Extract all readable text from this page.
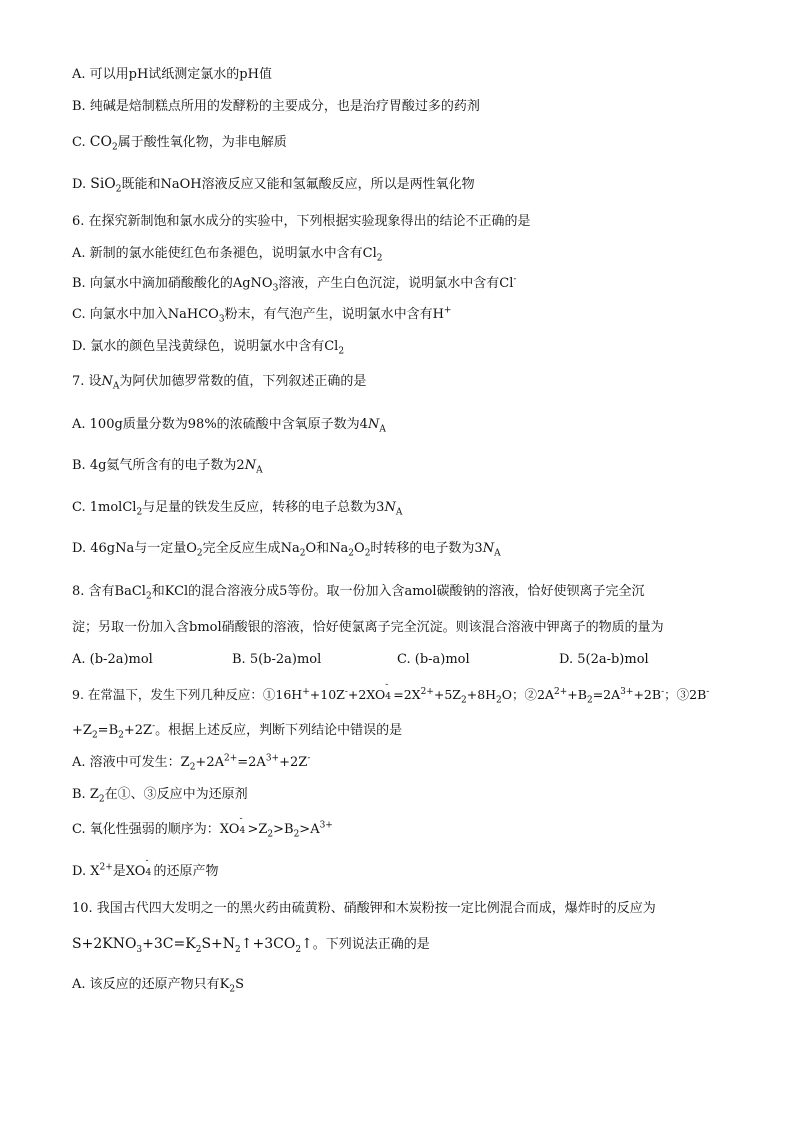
A. 可以用pH试纸测定氯水的pH值
B. 纯碱是焙制糕点所用的发酵粉的主要成分，也是治疗胃酸过多的药剂
C. $CO_2$属于酸性氧化物，为非电解质
D. SiO$_2$既能和NaOH溶液反应又能和氢氟酸反应，所以是两性氧化物
6. 在探究新制饱和氯水成分的实验中，下列根据实验现象得出的结论不正确的是
A. 新制的氯水能使红色布条褪色，说明氯水中含有$Cl_2$
B. 向氯水中滴加硝酸酸化的AgNO$_3$溶液，产生白色沉淀，说明氯水中含有Cl-
C. 向氯水中加入NaHCO$_3$粉末，有气泡产生，说明氯水中含有H+
D. 氯水的颜色呈浅黄绿色，说明氯水中含有$Cl_2$
7. 设$N_A$为阿伏加德罗常数的值，下列叙述正确的是
A. 100g质量分数为98%的浓硫酸中含氧原子数为$4N_A$
B. 4g氦气所含有的电子数为$2N_A$
C. 1molCl$_2$与足量的铁发生反应，转移的电子总数为$3N_A$
D. 46gNa与一定量$O_2$完全反应生成$Na_2O$和$Na_2O_2$时转移的电子数为$3N_A$
8. 含有BaCl$_2$和KCl的混合溶液分成5等份。取一份加入含amol碳酸钠的溶液，恰好使钡离子完全沉
淀；另取一份加入含bmol硝酸银的溶液，恰好使氯离子完全沉淀。则该混合溶液中钾离子的物质的量为
A. (b-2a)mol	B. 5(b-2a)mol	C. (b-a)mol	D. 5(2a-b)mol
9. 在常温下，发生下列几种反应：①16H++10Z-+2XO
-
$4 =2X^{2+}+5Z_2+8H_2O$；$②2A^{2+}+B_2=2A^{3+}+2B^-$；③2B-
$+Z_2=B_2+2Z^-$。根据上述反应，判断下列结论中错误的是
A. 溶液中可发生：$Z_2+2A^{2+}=2A^{3+}+2Z^-$
B. $Z_2$在①、③反应中为还原剂
C. 氧化性强弱的顺序为：XO
-
$4 >Z_2>B_2>A^{3+}$
D. $X^{2+}$是XO
-
4 的还原产物
10. 我国古代四大发明之一的黑火药由硫黄粉、硝酸钾和木炭粉按一定比例混合而成，爆炸时的反应为
$S+2KNO_3+3C=K_2S+N_2↑+3CO_2↑$。下列说法正确的是
A. 该反应的还原产物只有$K_2S$
